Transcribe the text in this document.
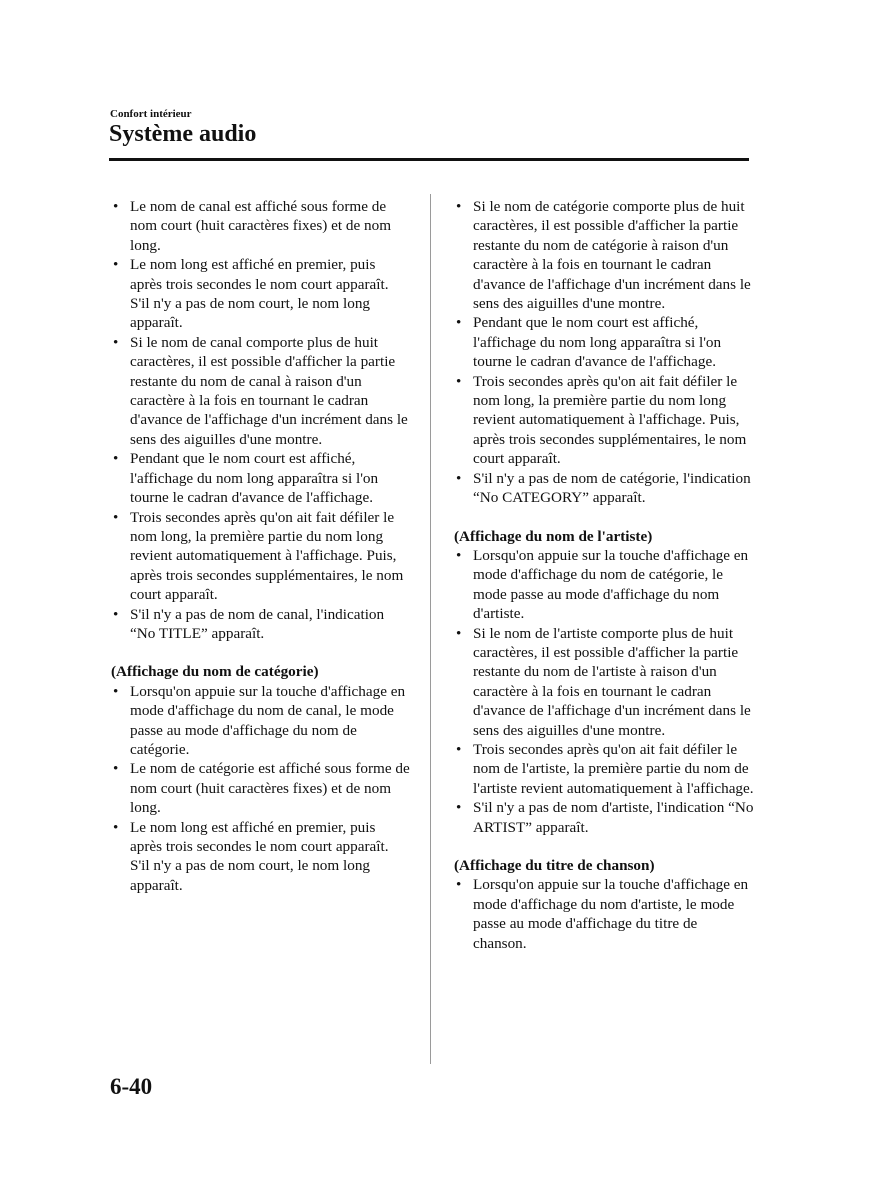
Confort intérieur
Système audio
• Le nom de canal est affiché sous forme de nom court (huit caractères fixes) et de nom long.
• Le nom long est affiché en premier, puis après trois secondes le nom court apparaît. S'il n'y a pas de nom court, le nom long apparaît.
• Si le nom de canal comporte plus de huit caractères, il est possible d'afficher la partie restante du nom de canal à raison d'un caractère à la fois en tournant le cadran d'avance de l'affichage d'un incrément dans le sens des aiguilles d'une montre.
• Pendant que le nom court est affiché, l'affichage du nom long apparaîtra si l'on tourne le cadran d'avance de l'affichage.
• Trois secondes après qu'on ait fait défiler le nom long, la première partie du nom long revient automatiquement à l'affichage. Puis, après trois secondes supplémentaires, le nom court apparaît.
• S'il n'y a pas de nom de canal, l'indication “No TITLE” apparaît.
(Affichage du nom de catégorie)
• Lorsqu'on appuie sur la touche d'affichage en mode d'affichage du nom de canal, le mode passe au mode d'affichage du nom de catégorie.
• Le nom de catégorie est affiché sous forme de nom court (huit caractères fixes) et de nom long.
• Le nom long est affiché en premier, puis après trois secondes le nom court apparaît. S'il n'y a pas de nom court, le nom long apparaît.
• Si le nom de catégorie comporte plus de huit caractères, il est possible d'afficher la partie restante du nom de catégorie à raison d'un caractère à la fois en tournant le cadran d'avance de l'affichage d'un incrément dans le sens des aiguilles d'une montre.
• Pendant que le nom court est affiché, l'affichage du nom long apparaîtra si l'on tourne le cadran d'avance de l'affichage.
• Trois secondes après qu'on ait fait défiler le nom long, la première partie du nom long revient automatiquement à l'affichage. Puis, après trois secondes supplémentaires, le nom court apparaît.
• S'il n'y a pas de nom de catégorie, l'indication “No CATEGORY” apparaît.
(Affichage du nom de l'artiste)
• Lorsqu'on appuie sur la touche d'affichage en mode d'affichage du nom de catégorie, le mode passe au mode d'affichage du nom d'artiste.
• Si le nom de l'artiste comporte plus de huit caractères, il est possible d'afficher la partie restante du nom de l'artiste à raison d'un caractère à la fois en tournant le cadran d'avance de l'affichage d'un incrément dans le sens des aiguilles d'une montre.
• Trois secondes après qu'on ait fait défiler le nom de l'artiste, la première partie du nom de l'artiste revient automatiquement à l'affichage.
• S'il n'y a pas de nom d'artiste, l'indication “No ARTIST” apparaît.
(Affichage du titre de chanson)
• Lorsqu'on appuie sur la touche d'affichage en mode d'affichage du nom d'artiste, le mode passe au mode d'affichage du titre de chanson.
6-40
